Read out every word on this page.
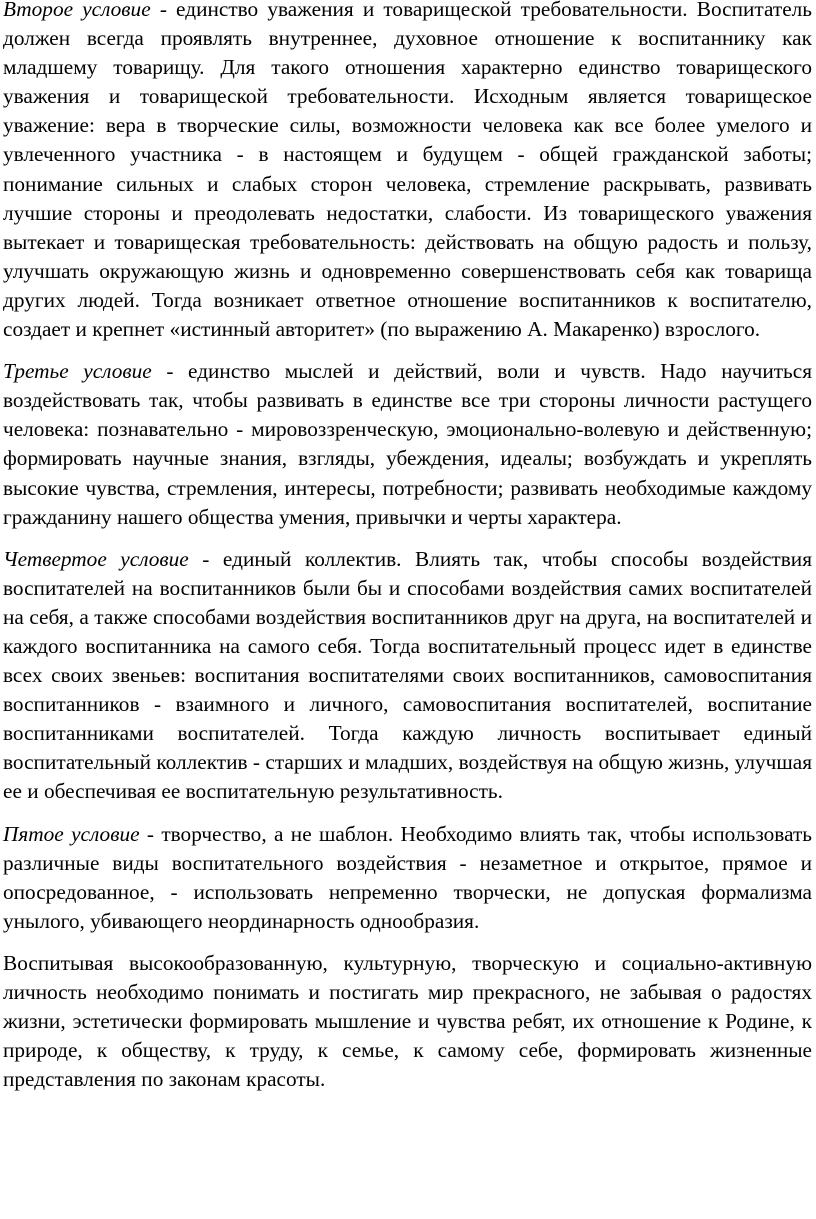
Второе условие - единство уважения и товарищеской требовательности. Воспитатель должен всегда проявлять внутреннее, духовное отношение к воспитаннику как младшему товарищу. Для такого отношения характерно единство товарищеского уважения и товарищеской требовательности. Исходным является товарищеское уважение: вера в творческие силы, возможности человека как все более умелого и увлеченного участника - в настоящем и будущем - общей гражданской заботы; понимание сильных и слабых сторон человека, стремление раскрывать, развивать лучшие стороны и преодолевать недостатки, слабости. Из товарищеского уважения вытекает и товарищеская требовательность: действовать на общую радость и пользу, улучшать окружающую жизнь и одновременно совершенствовать себя как товарища других людей. Тогда возникает ответное отношение воспитанников к воспитателю, создает и крепнет «истинный авторитет» (по выражению А. Макаренко) взрослого.

Третье условие - единство мыслей и действий, воли и чувств. Надо научиться воздействовать так, чтобы развивать в единстве все три стороны личности растущего человека: познавательно - мировоззренческую, эмоционально-волевую и действенную; формировать научные знания, взгляды, убеждения, идеалы; возбуждать и укреплять высокие чувства, стремления, интересы, потребности; развивать необходимые каждому гражданину нашего общества умения, привычки и черты характера.

Четвертое условие - единый коллектив. Влиять так, чтобы способы воздействия воспитателей на воспитанников были бы и способами воздействия самих воспитателей на себя, а также способами воздействия воспитанников друг на друга, на воспитателей и каждого воспитанника на самого себя. Тогда воспитательный процесс идет в единстве всех своих звеньев: воспитания воспитателями своих воспитанников, самовоспитания воспитанников - взаимного и личного, самовоспитания воспитателей, воспитание воспитанниками воспитателей. Тогда каждую личность воспитывает единый воспитательный коллектив - старших и младших, воздействуя на общую жизнь, улучшая ее и обеспечивая ее воспитательную результативность.

Пятое условие - творчество, а не шаблон. Необходимо влиять так, чтобы использовать различные виды воспитательного воздействия - незаметное и открытое, прямое и опосредованное, - использовать непременно творчески, не допуская формализма унылого, убивающего неординарность однообразия.

Воспитывая высокообразованную, культурную, творческую и социально-активную личность необходимо понимать и постигать мир прекрасного, не забывая о радостях жизни, эстетически формировать мышление и чувства ребят, их отношение к Родине, к природе, к обществу, к труду, к семье, к самому себе, формировать жизненные представления по законам красоты.
